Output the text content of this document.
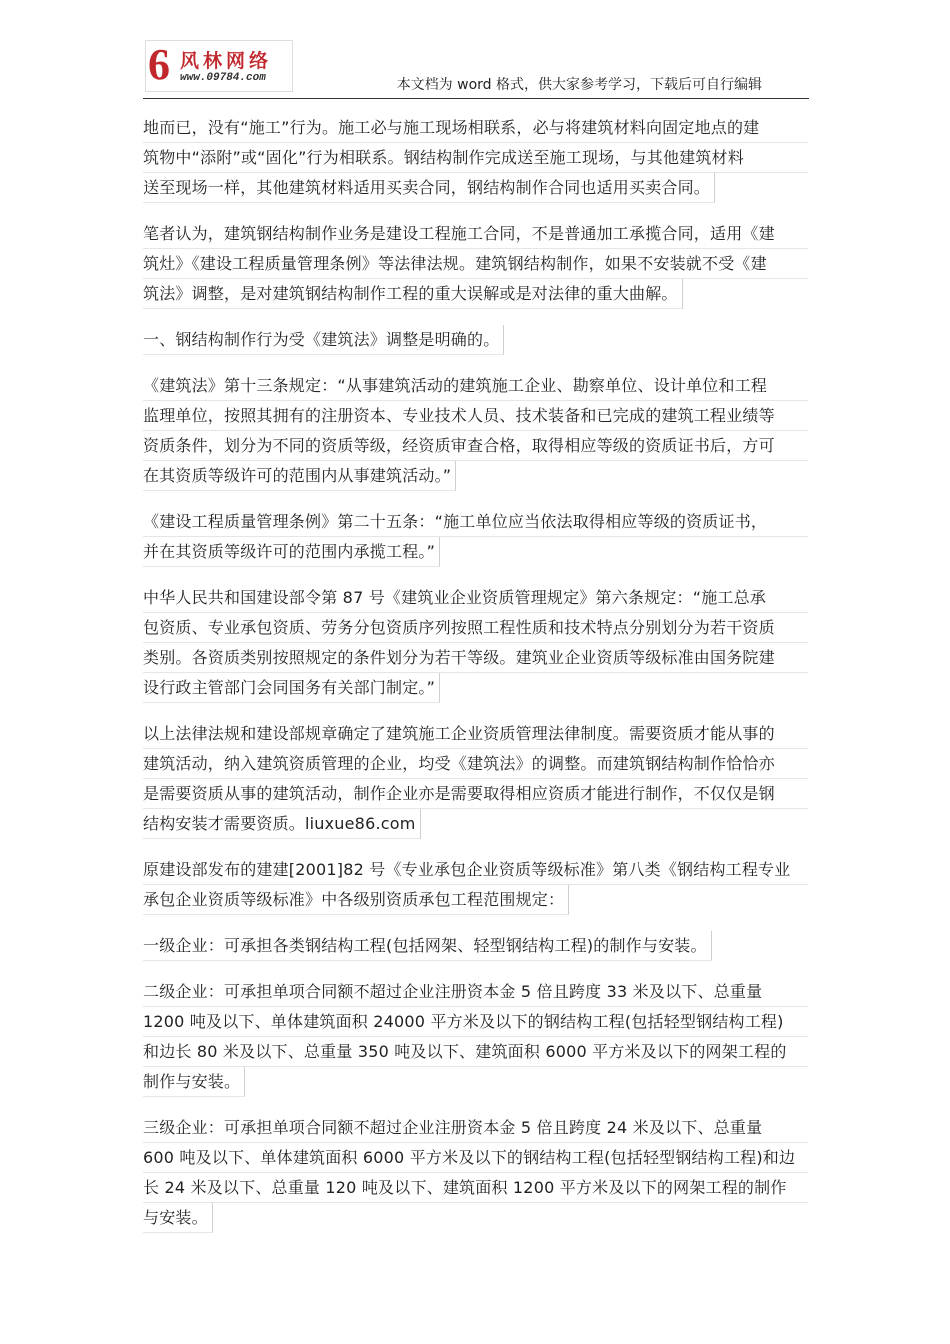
6 风林网络
www.09784.com	本文档为 word 格式，供大家参考学习，下载后可自行编辑
地而已，没有“施工”行为。施工必与施工现场相联系，必与将建筑材料向固定地点的建
筑物中“添附”或“固化”行为相联系。钢结构制作完成送至施工现场，与其他建筑材料
送至现场一样，其他建筑材料适用买卖合同，钢结构制作合同也适用买卖合同。
笔者认为，建筑钢结构制作业务是建设工程施工合同，不是普通加工承揽合同，适用《建
筑灶》《建设工程质量管理条例》等法律法规。建筑钢结构制作，如果不安装就不受《建
筑法》调整，是对建筑钢结构制作工程的重大误解或是对法律的重大曲解。
一、钢结构制作行为受《建筑法》调整是明确的。
《建筑法》第十三条规定：“从事建筑活动的建筑施工企业、勘察单位、设计单位和工程
监理单位，按照其拥有的注册资本、专业技术人员、技术装备和已完成的建筑工程业绩等
资质条件，划分为不同的资质等级，经资质审查合格，取得相应等级的资质证书后，方可
在其资质等级许可的范围内从事建筑活动。”
《建设工程质量管理条例》第二十五条：“施工单位应当依法取得相应等级的资质证书，
并在其资质等级许可的范围内承揽工程。”
中华人民共和国建设部令第 87 号《建筑业企业资质管理规定》第六条规定：“施工总承
包资质、专业承包资质、劳务分包资质序列按照工程性质和技术特点分别划分为若干资质
类别。各资质类别按照规定的条件划分为若干等级。建筑业企业资质等级标准由国务院建
设行政主管部门会同国务有关部门制定。”
以上法律法规和建设部规章确定了建筑施工企业资质管理法律制度。需要资质才能从事的
建筑活动，纳入建筑资质管理的企业，均受《建筑法》的调整。而建筑钢结构制作恰恰亦
是需要资质从事的建筑活动，制作企业亦是需要取得相应资质才能进行制作，不仅仅是钢
结构安装才需要资质。liuxue86.com
原建设部发布的建建[2001]82 号《专业承包企业资质等级标准》第八类《钢结构工程专业
承包企业资质等级标准》中各级别资质承包工程范围规定：
一级企业：可承担各类钢结构工程(包括网架、轻型钢结构工程)的制作与安装。
二级企业：可承担单项合同额不超过企业注册资本金 5 倍且跨度 33 米及以下、总重量
1200 吨及以下、单体建筑面积 24000 平方米及以下的钢结构工程(包括轻型钢结构工程)
和边长 80 米及以下、总重量 350 吨及以下、建筑面积 6000 平方米及以下的网架工程的
制作与安装。
三级企业：可承担单项合同额不超过企业注册资本金 5 倍且跨度 24 米及以下、总重量
600 吨及以下、单体建筑面积 6000 平方米及以下的钢结构工程(包括轻型钢结构工程)和边
长 24 米及以下、总重量 120 吨及以下、建筑面积 1200 平方米及以下的网架工程的制作
与安装。
